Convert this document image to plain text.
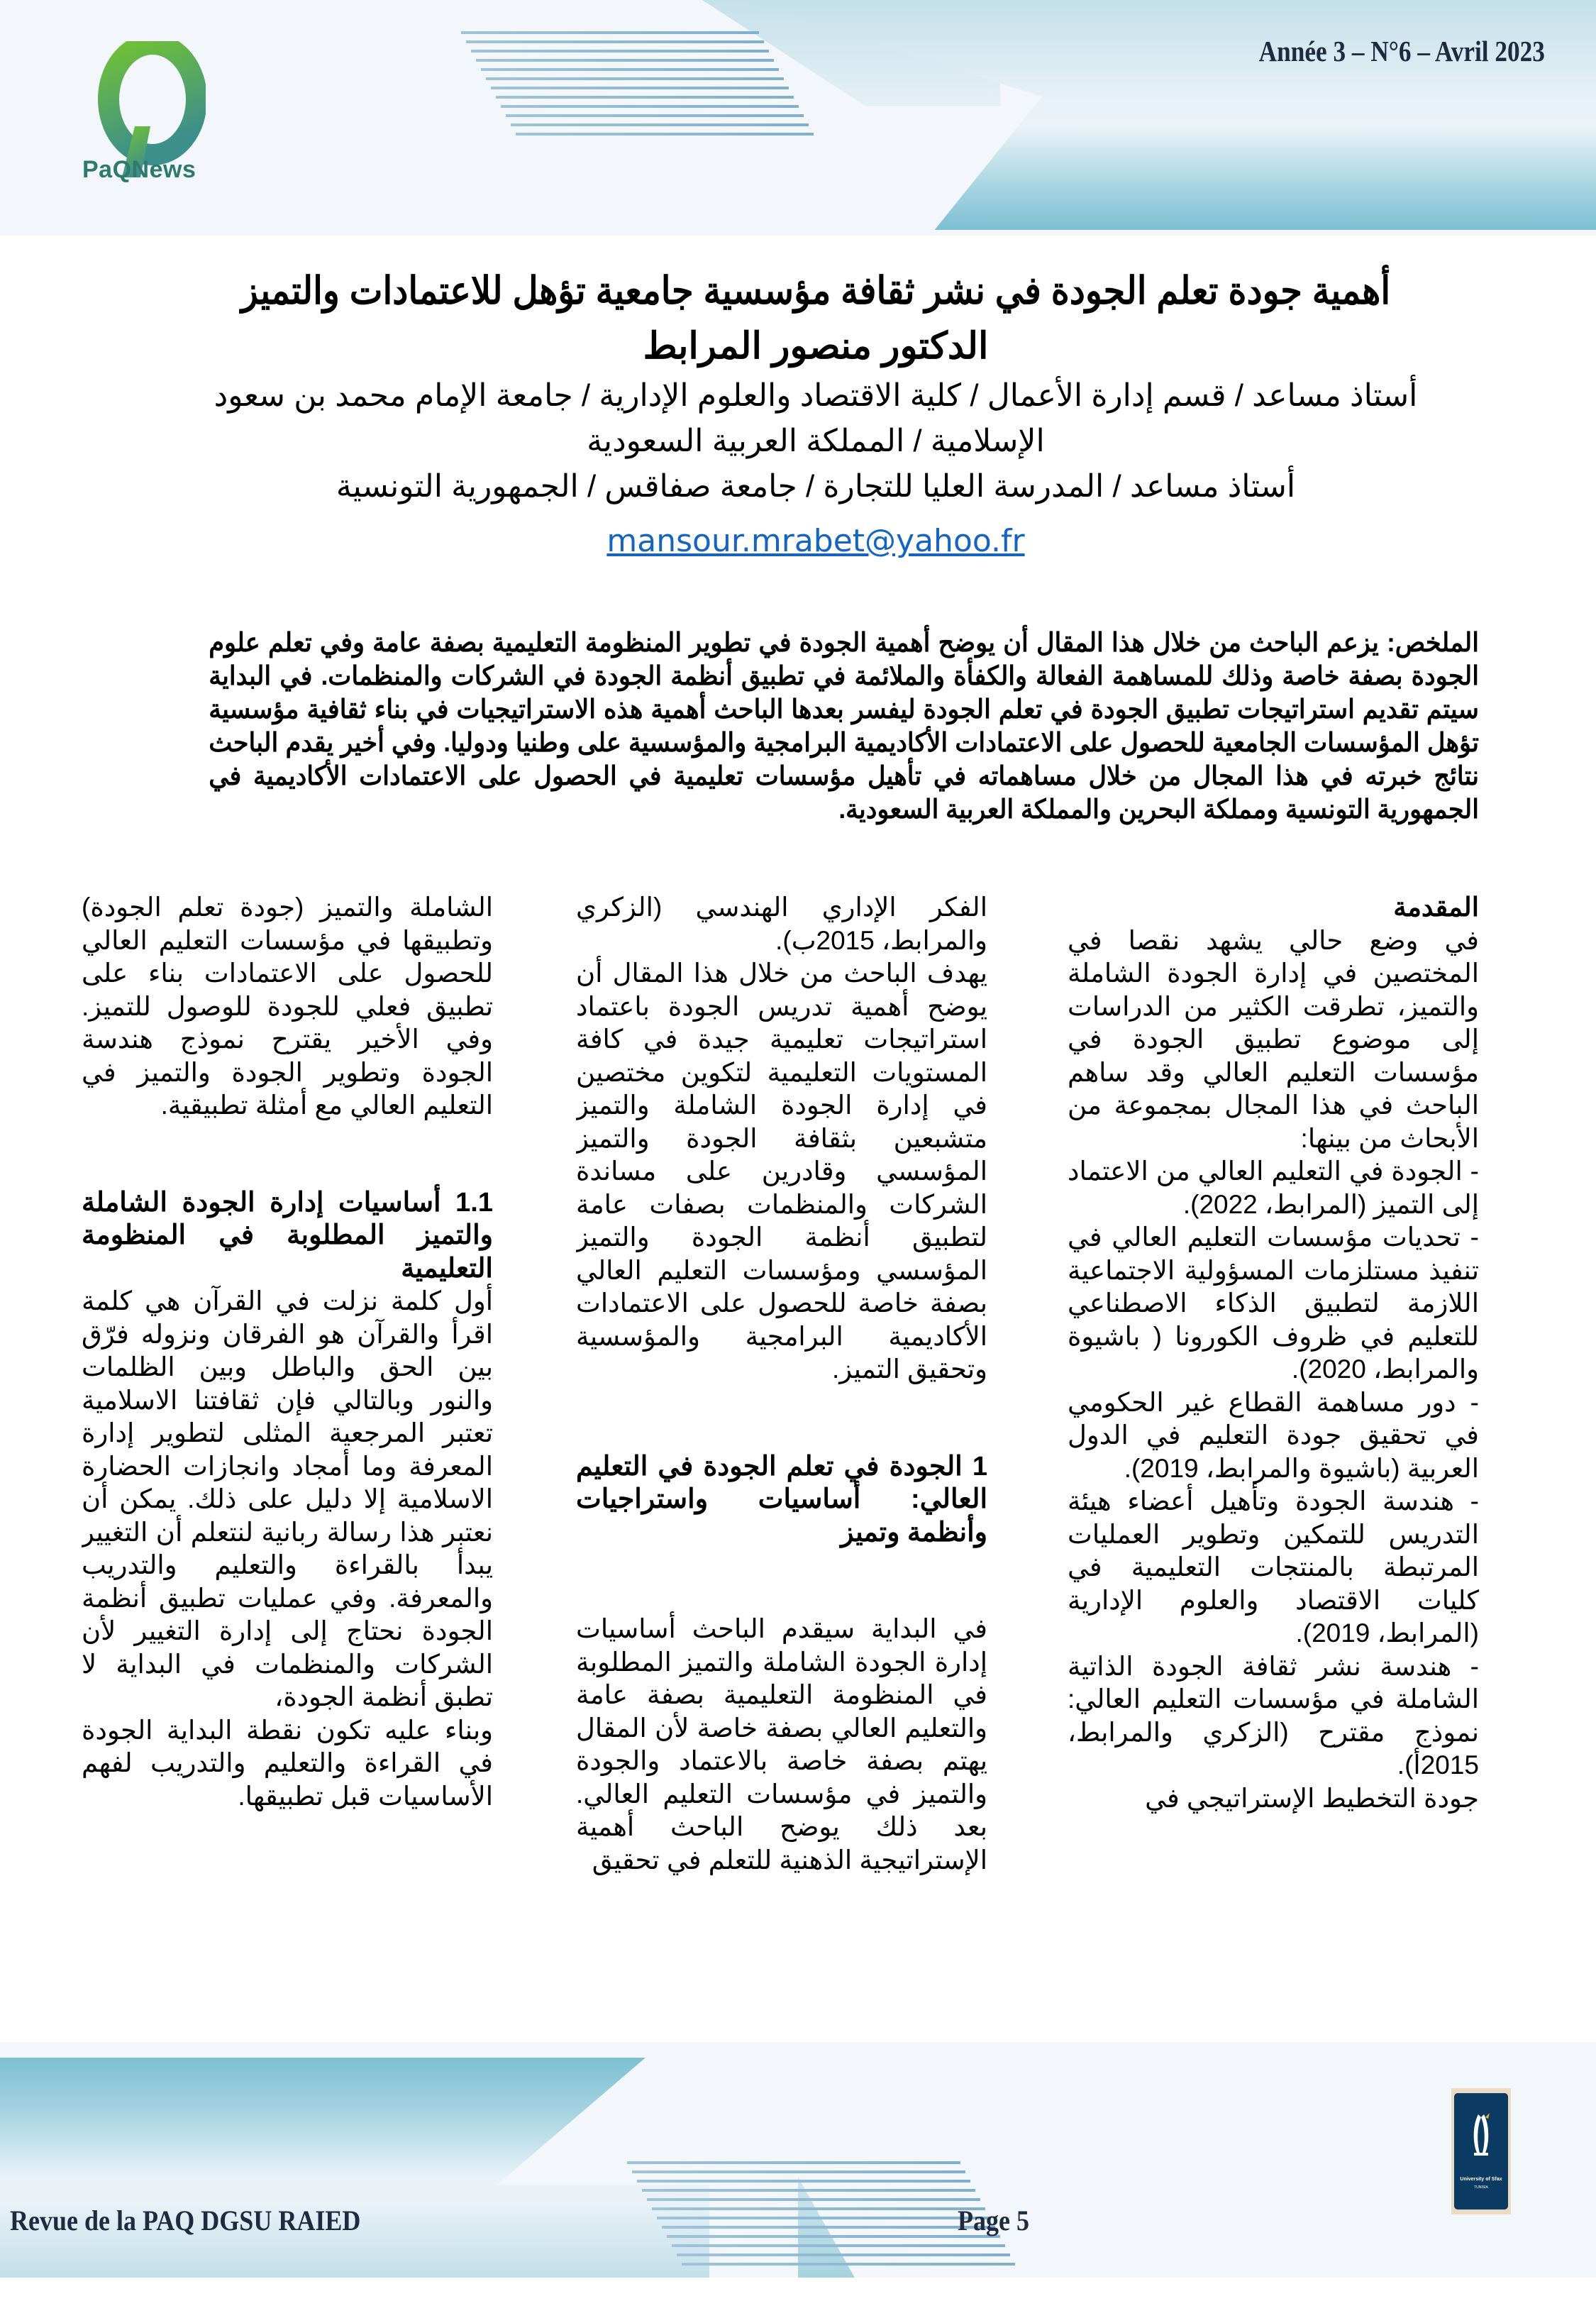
PaQNews
Année 3 – N°6 – Avril 2023
أهمية جودة تعلم الجودة في نشر ثقافة مؤسسية جامعية تؤهل للاعتمادات والتميز
الدكتور منصور المرابط
أستاذ مساعد / قسم إدارة الأعمال / كلية الاقتصاد والعلوم الإدارية / جامعة الإمام محمد بن سعود
الإسلامية / المملكة العربية السعودية
أستاذ مساعد / المدرسة العليا للتجارة / جامعة صفاقس / الجمهورية التونسية
mansour.mrabet@yahoo.fr
الملخص: يزعم الباحث من خلال هذا المقال أن يوضح أهمية الجودة في تطوير المنظومة التعليمية بصفة عامة وفي تعلم علوم الجودة بصفة خاصة وذلك للمساهمة الفعالة والكفأة والملائمة في تطبيق أنظمة الجودة في الشركات والمنظمات. في البداية سيتم تقديم استراتيجات تطبيق الجودة في تعلم الجودة ليفسر بعدها الباحث أهمية هذه الاستراتيجيات في بناء ثقافية مؤسسية تؤهل المؤسسات الجامعية للحصول على الاعتمادات الأكاديمية البرامجية والمؤسسية على وطنيا ودوليا. وفي أخير يقدم الباحث نتائج خبرته في هذا المجال من خلال مساهماته في تأهيل مؤسسات تعليمية في الحصول على الاعتمادات الأكاديمية في الجمهورية التونسية ومملكة البحرين والمملكة العربية السعودية.
المقدمة

في وضع حالي يشهد نقصا في المختصين في إدارة الجودة الشاملة والتميز، تطرقت الكثير من الدراسات إلى موضوع تطبيق الجودة في مؤسسات التعليم العالي وقد ساهم الباحث في هذا المجال بمجموعة من الأبحاث من بينها:

- الجودة في التعليم العالي من الاعتماد إلى التميز (المرابط، 2022).

- تحديات مؤسسات التعليم العالي في تنفيذ مستلزمات المسؤولية الاجتماعية اللازمة لتطبيق الذكاء الاصطناعي للتعليم في ظروف الكورونا ( باشيوة والمرابط، 2020).

- دور مساهمة القطاع غير الحكومي في تحقيق جودة التعليم في الدول العربية (باشيوة والمرابط، 2019).

- هندسة الجودة وتأهيل أعضاء هيئة التدريس للتمكين وتطوير العمليات المرتبطة بالمنتجات التعليمية في كليات الاقتصاد والعلوم الإدارية (المرابط، 2019).

- هندسة نشر ثقافة الجودة الذاتية الشاملة في مؤسسات التعليم العالي: نموذج مقترح (الزكري والمرابط، 2015أ).

جودة التخطيط الإستراتيجي في

الفكر الإداري الهندسي (الزكري والمرابط، 2015ب).

يهدف الباحث من خلال هذا المقال أن يوضح أهمية تدريس الجودة باعتماد استراتيجات تعليمية جيدة في كافة المستويات التعليمية لتكوين مختصين في إدارة الجودة الشاملة والتميز متشبعين بثقافة الجودة والتميز المؤسسي وقادرين على مساندة الشركات والمنظمات بصفات عامة لتطبيق أنظمة الجودة والتميز المؤسسي ومؤسسات التعليم العالي بصفة خاصة للحصول على الاعتمادات الأكاديمية البرامجية والمؤسسية وتحقيق التميز.

1 الجودة في تعلم الجودة في التعليم العالي: أساسيات واستراجيات وأنظمة وتميز

في البداية سيقدم الباحث أساسيات إدارة الجودة الشاملة والتميز المطلوبة في المنظومة التعليمية بصفة عامة والتعليم العالي بصفة خاصة لأن المقال يهتم بصفة خاصة بالاعتماد والجودة والتميز في مؤسسات التعليم العالي. بعد ذلك يوضح الباحث أهمية الإستراتيجية الذهنية للتعلم في تحقيق

الشاملة والتميز (جودة تعلم الجودة) وتطبيقها في مؤسسات التعليم العالي للحصول على الاعتمادات بناء على تطبيق فعلي للجودة للوصول للتميز. وفي الأخير يقترح نموذج هندسة الجودة وتطوير الجودة والتميز في التعليم العالي مع أمثلة تطبيقية.

1.1 أساسيات إدارة الجودة الشاملة والتميز المطلوبة في المنظومة التعليمية

أول كلمة نزلت في القرآن هي كلمة اقرأ والقرآن هو الفرقان ونزوله فرّق بين الحق والباطل وبين الظلمات والنور وبالتالي فإن ثقافتنا الاسلامية تعتبر المرجعية المثلى لتطوير إدارة المعرفة وما أمجاد وانجازات الحضارة الاسلامية إلا دليل على ذلك. يمكن أن نعتبر هذا رسالة ربانية لنتعلم أن التغيير يبدأ بالقراءة والتعليم والتدريب والمعرفة. وفي عمليات تطبيق أنظمة الجودة نحتاج إلى إدارة التغيير لأن الشركات والمنظمات في البداية لا تطبق أنظمة الجودة،

وبناء عليه تكون نقطة البداية الجودة في القراءة والتعليم والتدريب لفهم الأساسيات قبل تطبيقها.

Revue de la PAQ DGSU RAIED	Page 5
University of Sfax
TUNISIA
